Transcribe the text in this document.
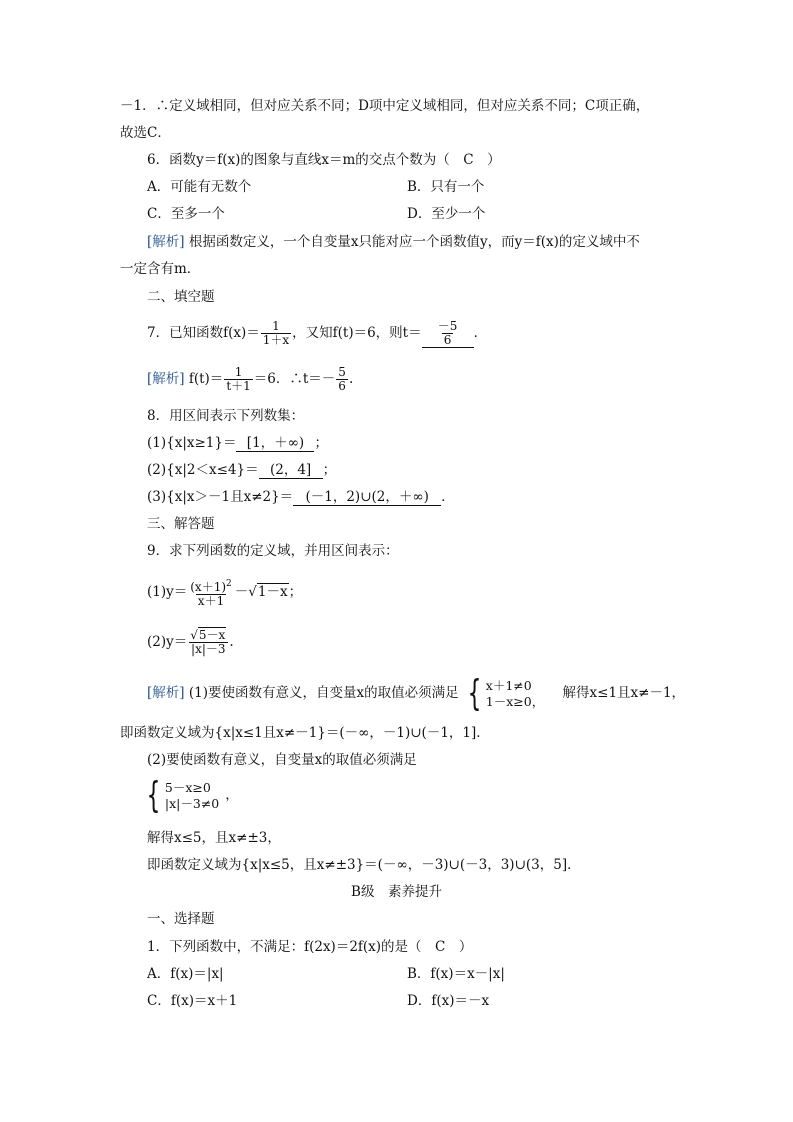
－1．∴定义域相同，但对应关系不同；D项中定义域相同，但对应关系不同；C项正确，
故选C．
6．函数y＝f(x)的图象与直线x＝m的交点个数为（　C　）
A．可能有无数个	B．只有一个
C．至多一个	D．至少一个
[解析] 根据函数定义，一个自变量x只能对应一个函数值y，而y＝f(x)的定义域中不
一定含有m．
二、填空题
7．已知函数$f(x)= \frac{1}{1+x}$ ，又知f(t)＝6，则$t= \frac{-5}{6}$ ．
[解析] $f(t)= \frac{1}{t+1} =6$．∴t＝－ $\frac{5}{6}$ .
8．用区间表示下列数集：
(1){x|x≥1}＝ [1，＋∞) ；
(2){x|2＜x≤4}＝ (2，4] ；
(3){x|x＞－1且x≠2}＝ (－1，2)∪(2，＋∞) ．
三、解答题
9．求下列函数的定义域，并用区间表示：
$(1)y= \frac{(x+1)^2}{x+1} -√1-x$；
$(2)y= \frac{√5-x}{|x|-3}$ .
[解析] (1)要使函数有意义，自变量x的取值必须满足 { x＋1≠0
1－x≥0， 解得x≤1且x≠－1，
即函数定义域为{x|x≤1且x≠－1}＝(－∞，－1)∪(－1，1]．
(2)要使函数有意义，自变量x的取值必须满足
{ 5－x≥0
|x|－3≠0 ，
解得x≤5，且x≠±3，
即函数定义域为{x|x≤5，且x≠±3}＝(－∞，－3)∪(－3，3)∪(3，5]．
B级　素养提升
一、选择题
1．下列函数中，不满足：f(2x)＝2f(x)的是（　C　）
A．f(x)＝|x|	B．f(x)＝x－|x|
C．f(x)＝x＋1	D．f(x)＝－x
